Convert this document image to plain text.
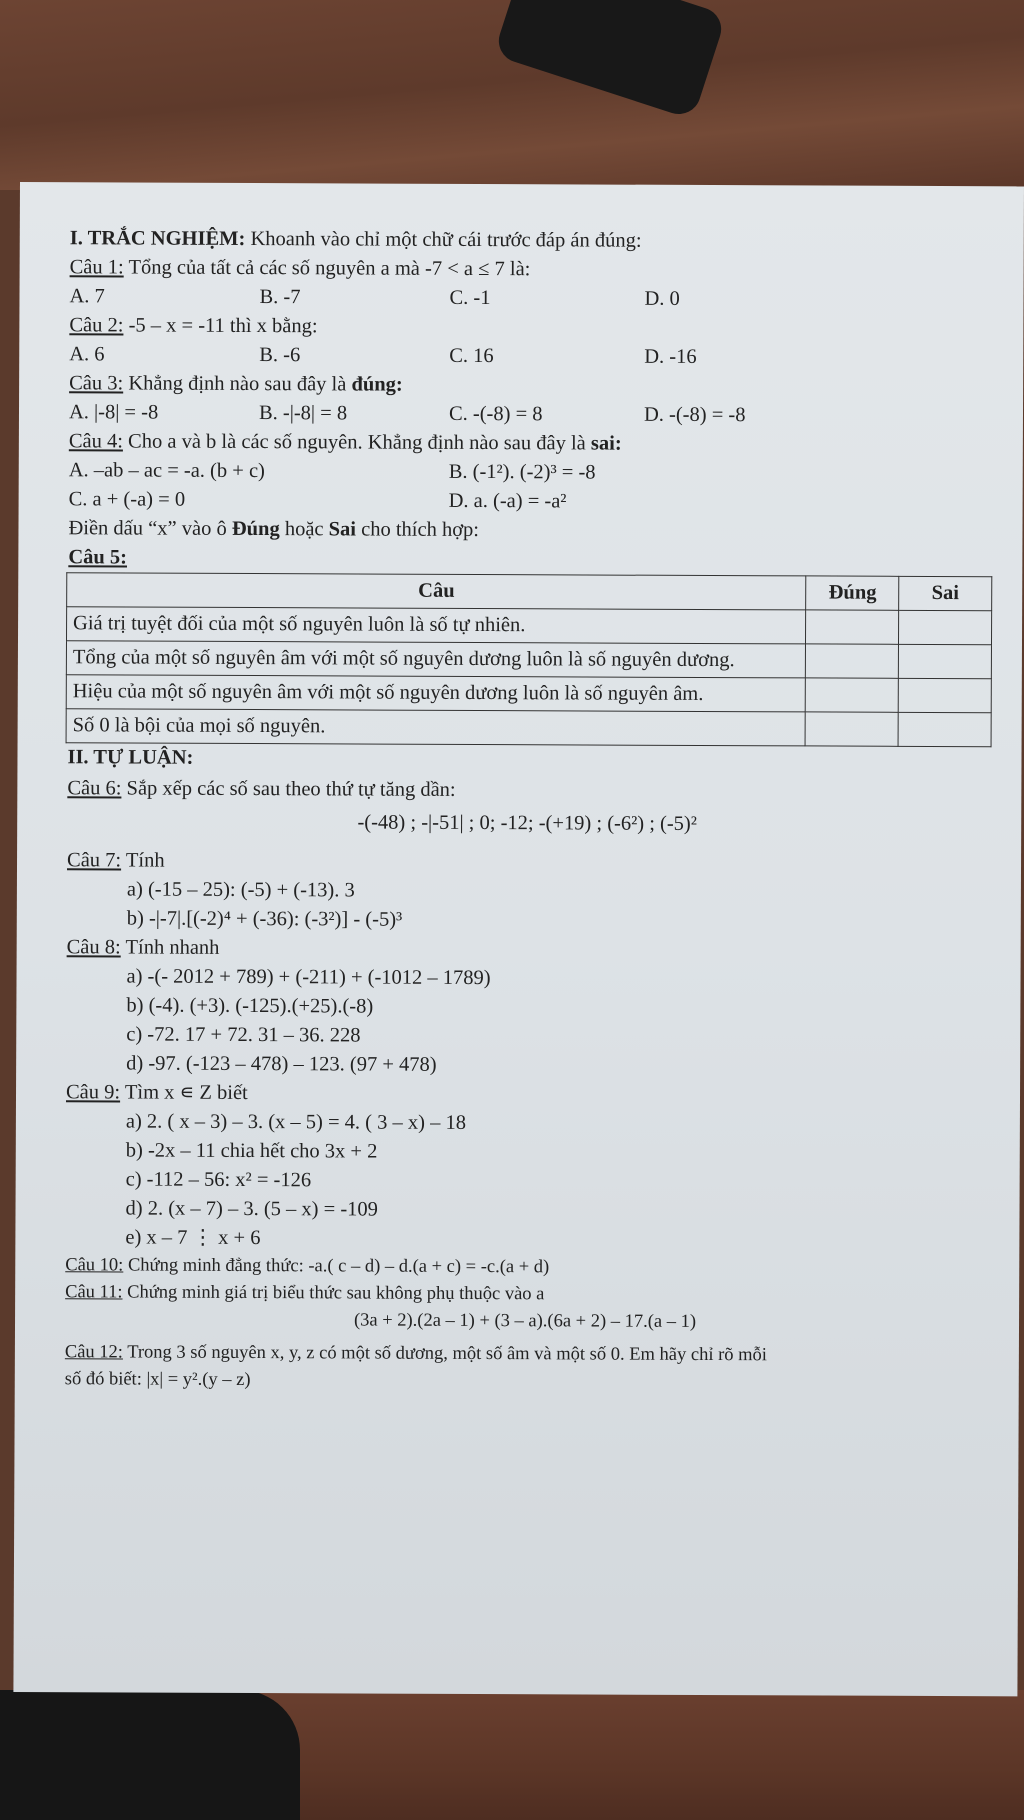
I. TRẮC NGHIỆM: Khoanh vào chỉ một chữ cái trước đáp án đúng:
Câu 1: Tổng của tất cả các số nguyên a mà -7 < a ≤ 7 là:
A. 7	B. -7	C. -1	D. 0
Câu 2: -5 – x = -11 thì x bằng:
A. 6	B. -6	C. 16	D. -16
Câu 3: Khẳng định nào sau đây là đúng:
A. |-8| = -8	B. -|-8| = 8	C. -(-8) = 8	D. -(-8) = -8
Câu 4: Cho a và b là các số nguyên. Khẳng định nào sau đây là sai:
A. –ab – ac = -a. (b + c)	B. (-1²). (-2)³ = -8
C. a + (-a) = 0	D. a. (-a) = -a²
Điền dấu “x” vào ô Đúng hoặc Sai cho thích hợp:
Câu 5:
Câu	Đúng	Sai
Giá trị tuyệt đối của một số nguyên luôn là số tự nhiên.		
Tổng của một số nguyên âm với một số nguyên dương luôn là số nguyên dương.		
Hiệu của một số nguyên âm với một số nguyên dương luôn là số nguyên âm.		
Số 0 là bội của mọi số nguyên.		
II. TỰ LUẬN:
Câu 6: Sắp xếp các số sau theo thứ tự tăng dần:
-(-48) ; -|-51| ; 0; -12; -(+19) ; (-6²) ; (-5)²
Câu 7: Tính
a) (-15 – 25): (-5) + (-13). 3
b) -|-7|.[(-2)⁴ + (-36): (-3²)] - (-5)³
Câu 8: Tính nhanh
a) -(- 2012 + 789) + (-211) + (-1012 – 1789)
b) (-4). (+3). (-125).(+25).(-8)
c) -72. 17 + 72. 31 – 36. 228
d) -97. (-123 – 478) – 123. (97 + 478)
Câu 9: Tìm x ∊ Z biết
a) 2. ( x – 3) – 3. (x – 5) = 4. ( 3 – x) – 18
b) -2x – 11 chia hết cho 3x + 2
c) -112 – 56: x² = -126
d) 2. (x – 7) – 3. (5 – x) = -109
e) x – 7 ⋮ x + 6
Câu 10: Chứng minh đẳng thức: -a.( c – d) – d.(a + c) = -c.(a + d)
Câu 11: Chứng minh giá trị biểu thức sau không phụ thuộc vào a
(3a + 2).(2a – 1) + (3 – a).(6a + 2) – 17.(a – 1)
Câu 12: Trong 3 số nguyên x, y, z có một số dương, một số âm và một số 0. Em hãy chỉ rõ mỗi
số đó biết: |x| = y².(y – z)
